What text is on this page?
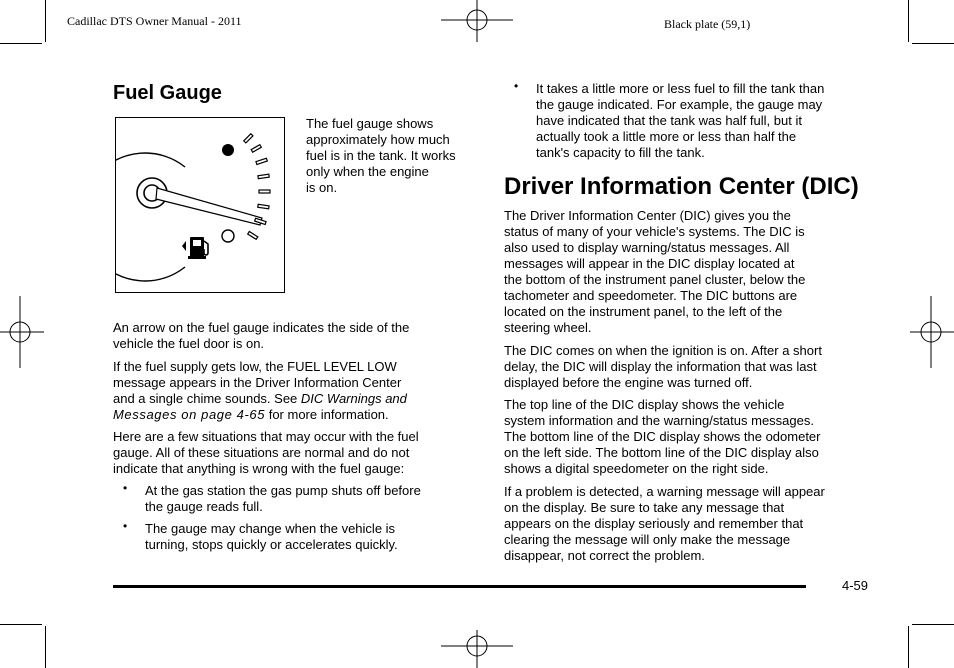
Cadillac DTS Owner Manual - 2011	Black plate (59,1)
Fuel Gauge

The fuel gauge shows

approximately how much

fuel is in the tank. It works

only when the engine

is on.

An arrow on the fuel gauge indicates the side of the

vehicle the fuel door is on.

If the fuel supply gets low, the FUEL LEVEL LOW

message appears in the Driver Information Center

and a single chime sounds. See DIC Warnings and

Messages on page 4-65 for more information.

Here are a few situations that may occur with the fuel

gauge. All of these situations are normal and do not

indicate that anything is wrong with the fuel gauge:

• At the gas station the gas pump shuts off before
the gauge reads full.
• The gauge may change when the vehicle is
turning, stops quickly or accelerates quickly.
• It takes a little more or less fuel to fill the tank than
the gauge indicated. For example, the gauge may
have indicated that the tank was half full, but it
actually took a little more or less than half the
tank's capacity to fill the tank.
Driver Information Center (DIC)

The Driver Information Center (DIC) gives you the

status of many of your vehicle's systems. The DIC is

also used to display warning/status messages. All

messages will appear in the DIC display located at

the bottom of the instrument panel cluster, below the

tachometer and speedometer. The DIC buttons are

located on the instrument panel, to the left of the

steering wheel.

The DIC comes on when the ignition is on. After a short

delay, the DIC will display the information that was last

displayed before the engine was turned off.

The top line of the DIC display shows the vehicle

system information and the warning/status messages.

The bottom line of the DIC display shows the odometer

on the left side. The bottom line of the DIC display also

shows a digital speedometer on the right side.

If a problem is detected, a warning message will appear

on the display. Be sure to take any message that

appears on the display seriously and remember that

clearing the message will only make the message

disappear, not correct the problem.

4-59
